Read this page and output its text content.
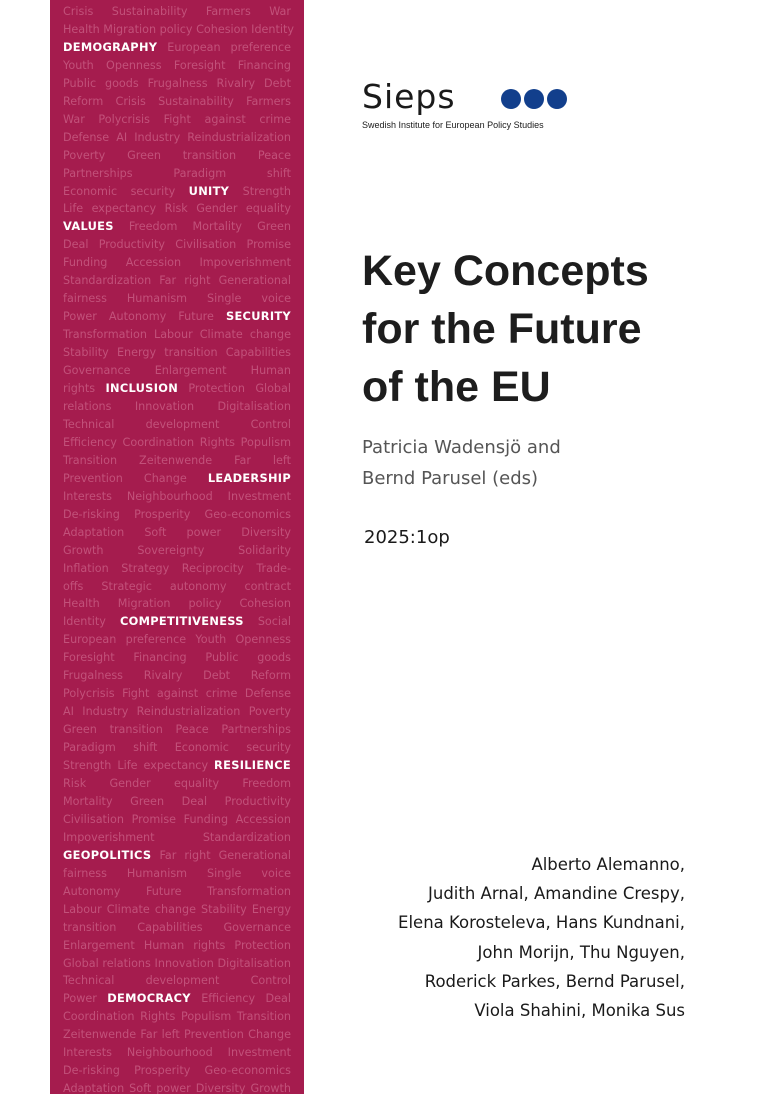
Crisis Sustainability Farmers War
Health Migration policy Cohesion Identity
DEMOGRAPHY European preference
Youth Openness Foresight Financing
Public goods Frugalness Rivalry Debt
Reform Crisis Sustainability Farmers
War Polycrisis Fight against crime
Defense AI Industry Reindustrialization
Poverty Green transition Peace
Partnerships	Paradigm	shift
Economic security UNITY Strength
Life expectancy Risk Gender equality
VALUES Freedom Mortality Green
Deal Productivity Civilisation Promise
Funding Accession Impoverishment
Standardization Far right Generational
fairness Humanism Single voice
Power Autonomy Future SECURITY
Transformation Labour Climate change
Stability Energy transition Capabilities
Governance Enlargement Human
rights INCLUSION Protection Global
relations Innovation Digitalisation
Technical	development	Control
Efficiency Coordination Rights Populism
Transition Zeitenwende Far left
Prevention Change LEADERSHIP
Interests Neighbourhood Investment
De-risking Prosperity Geo-economics
Adaptation Soft power Diversity
Growth	Sovereignty	Solidarity
Inflation Strategy Reciprocity Trade-
offs Strategic autonomy contract
Health Migration policy Cohesion
Identity COMPETITIVENESS Social
European preference Youth Openness
Foresight Financing Public goods
Frugalness Rivalry Debt Reform
Polycrisis Fight against crime Defense
AI Industry Reindustrialization Poverty
Green transition Peace Partnerships
Paradigm shift Economic security
Strength Life expectancy RESILIENCE
Risk Gender equality Freedom
Mortality Green Deal Productivity
Civilisation Promise Funding Accession
Impoverishment	Standardization
GEOPOLITICS Far right Generational
fairness Humanism Single voice
Autonomy Future Transformation
Labour Climate change Stability Energy
transition Capabilities Governance
Enlargement Human rights Protection
Global relations Innovation Digitalisation
Technical	development	Control
Power DEMOCRACY Efficiency Deal
Coordination Rights Populism Transition
Zeitenwende Far left Prevention Change
Interests Neighbourhood Investment
De-risking Prosperity Geo-economics
Adaptation Soft power Diversity Growth
Sieps
Swedish Institute for European Policy Studies
Key Concepts
for the Future
of the EU
Patricia Wadensjö and
Bernd Parusel (eds)
2025:1op
Alberto Alemanno,
Judith Arnal, Amandine Crespy,
Elena Korosteleva, Hans Kundnani,
John Morijn, Thu Nguyen,
Roderick Parkes, Bernd Parusel,
Viola Shahini, Monika Sus
